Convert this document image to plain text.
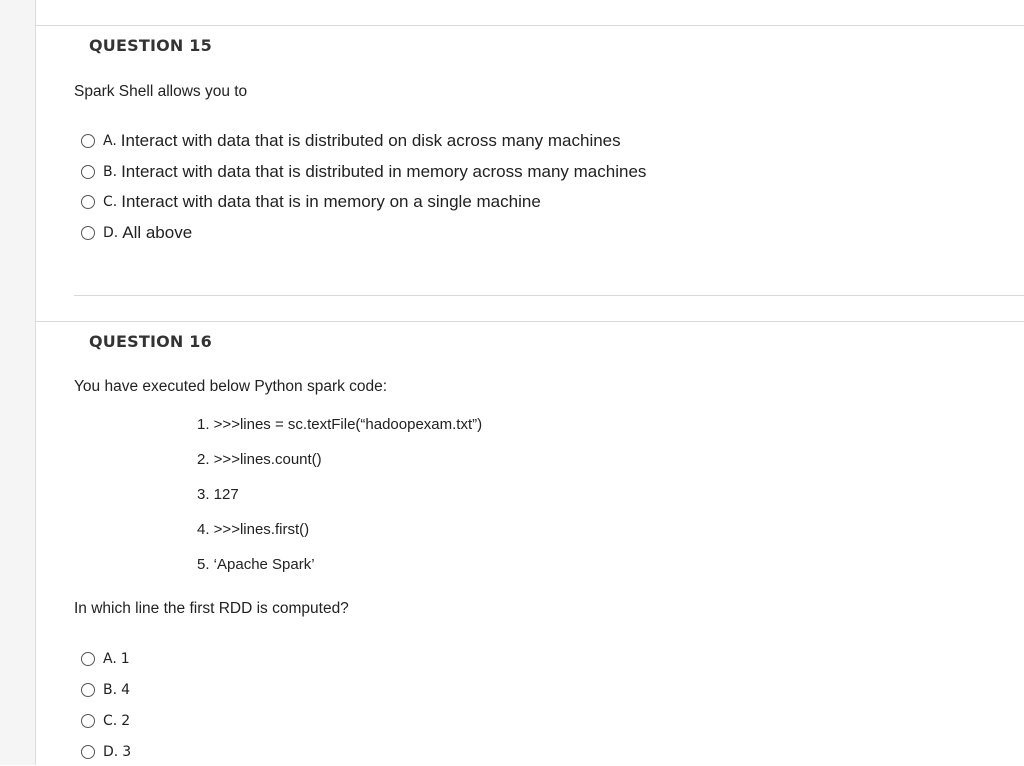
QUESTION 15
Spark Shell allows you to
A. Interact with data that is distributed on disk across many machines
B. Interact with data that is distributed in memory across many machines
C. Interact with data that is in memory on a single machine
D. All above
QUESTION 16
You have executed below Python spark code:
1. >>>lines = sc.textFile(“hadoopexam.txt”)
2. >>>lines.count()
3. 127
4. >>>lines.first()
5. ‘Apache Spark’
In which line the first RDD is computed?
A. 1
B. 4
C. 2
D. 3
